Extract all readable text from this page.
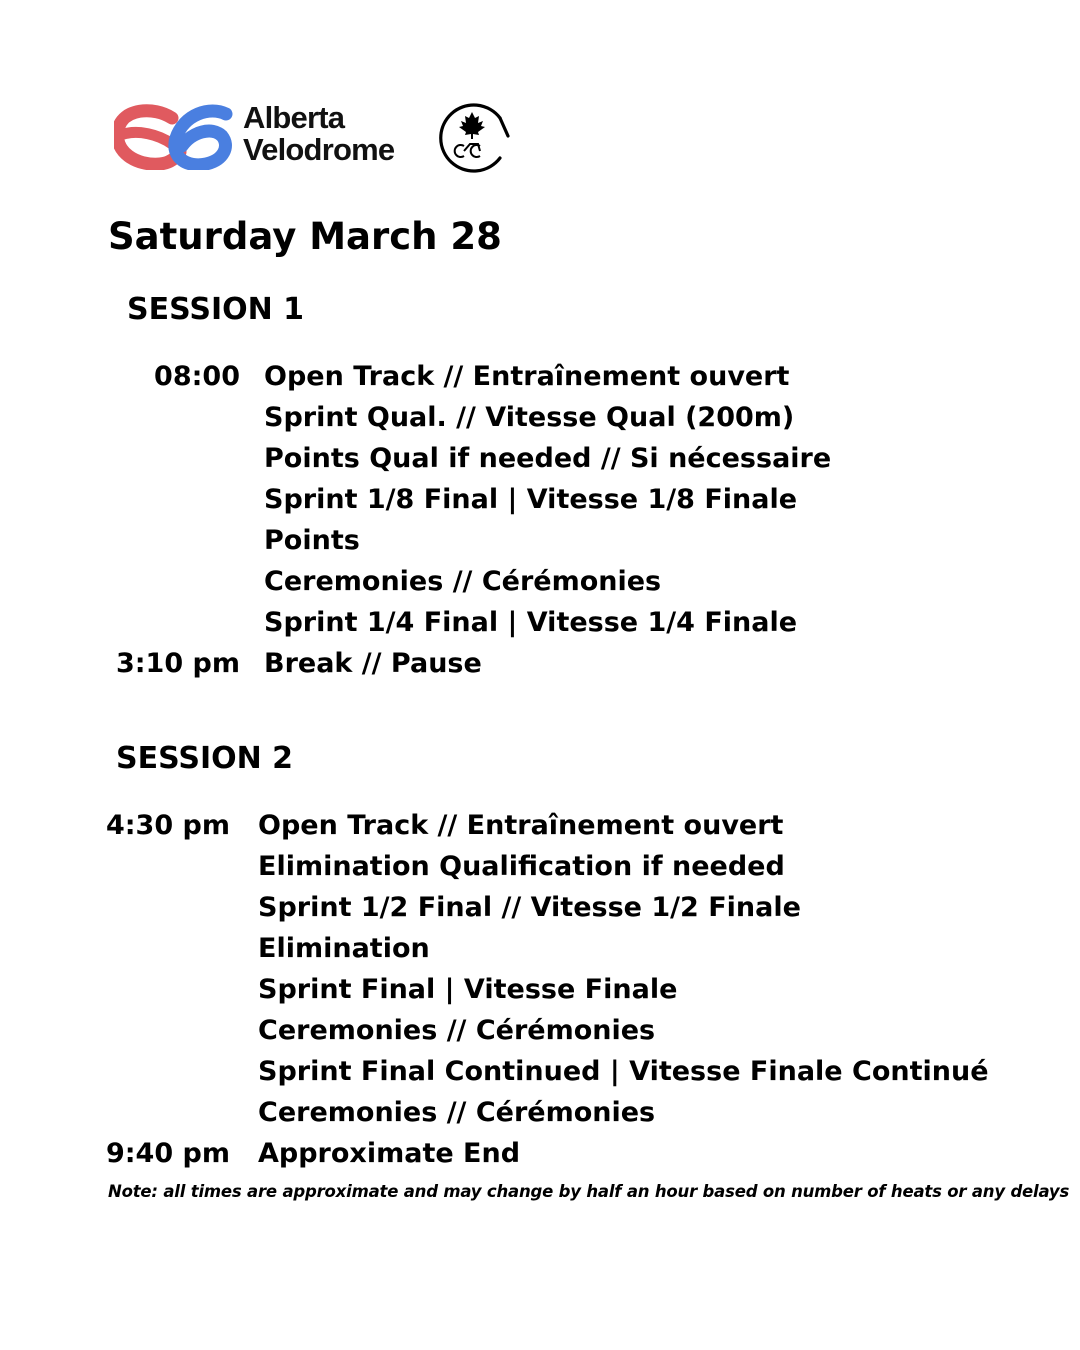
Alberta
Velodrome
Saturday March 28
SESSION 1
08:00 Open Track // Entraînement ouvert
Sprint Qual. // Vitesse Qual (200m)
Points Qual if needed // Si nécessaire
Sprint 1/8 Final | Vitesse 1/8 Finale
Points
Ceremonies // Cérémonies
Sprint 1/4 Final | Vitesse 1/4 Finale
3:10 pm Break // Pause
SESSION 2
4:30 pm	Open Track // Entraînement ouvert
Elimination Qualification if needed
Sprint 1/2 Final // Vitesse 1/2 Finale
Elimination
Sprint Final | Vitesse Finale
Ceremonies // Cérémonies
Sprint Final Continued | Vitesse Finale Continué
Ceremonies // Cérémonies
9:40 pm	Approximate End
Note: all times are approximate and may change by half an hour based on number of heats or any delays
